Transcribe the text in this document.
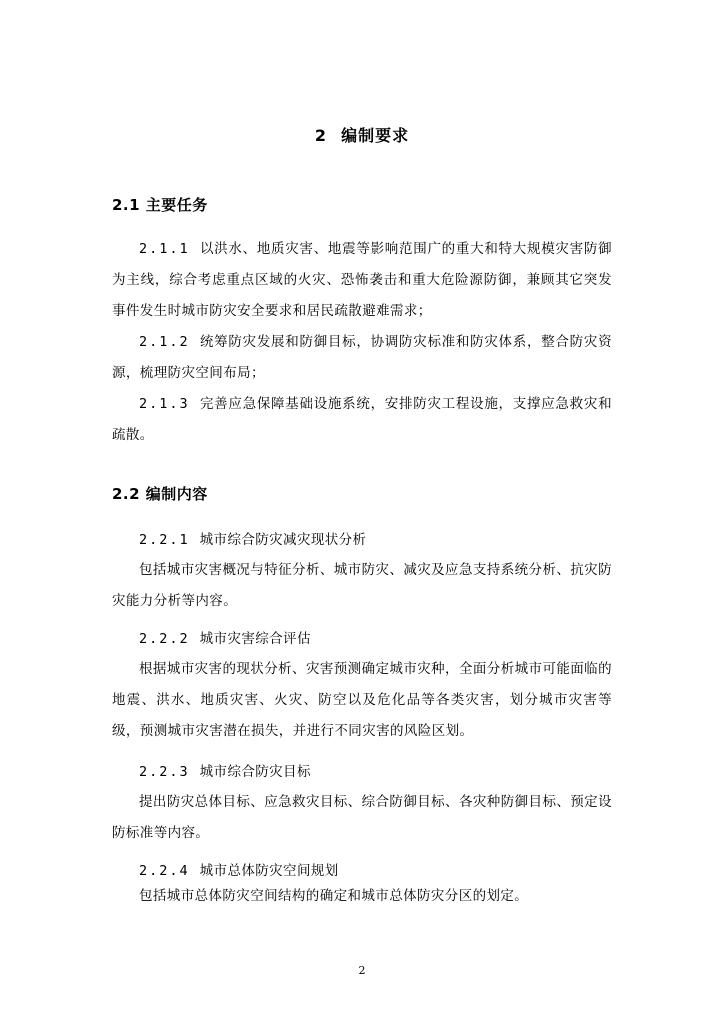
2 编制要求
2.1 主要任务
2.1.1 以洪水、地质灾害、地震等影响范围广的重大和特大规模灾害防御为主线，综合考虑重点区域的火灾、恐怖袭击和重大危险源防御，兼顾其它突发事件发生时城市防灾安全要求和居民疏散避难需求；
2.1.2 统筹防灾发展和防御目标，协调防灾标准和防灾体系，整合防灾资源，梳理防灾空间布局；
2.1.3 完善应急保障基础设施系统，安排防灾工程设施，支撑应急救灾和疏散。
2.2 编制内容
2.2.1 城市综合防灾减灾现状分析
包括城市灾害概况与特征分析、城市防灾、减灾及应急支持系统分析、抗灾防灾能力分析等内容。
2.2.2 城市灾害综合评估
根据城市灾害的现状分析、灾害预测确定城市灾种，全面分析城市可能面临的地震、洪水、地质灾害、火灾、防空以及危化品等各类灾害，划分城市灾害等级，预测城市灾害潜在损失，并进行不同灾害的风险区划。
2.2.3 城市综合防灾目标
提出防灾总体目标、应急救灾目标、综合防御目标、各灾种防御目标、预定设防标准等内容。
2.2.4 城市总体防灾空间规划
包括城市总体防灾空间结构的确定和城市总体防灾分区的划定。
2
